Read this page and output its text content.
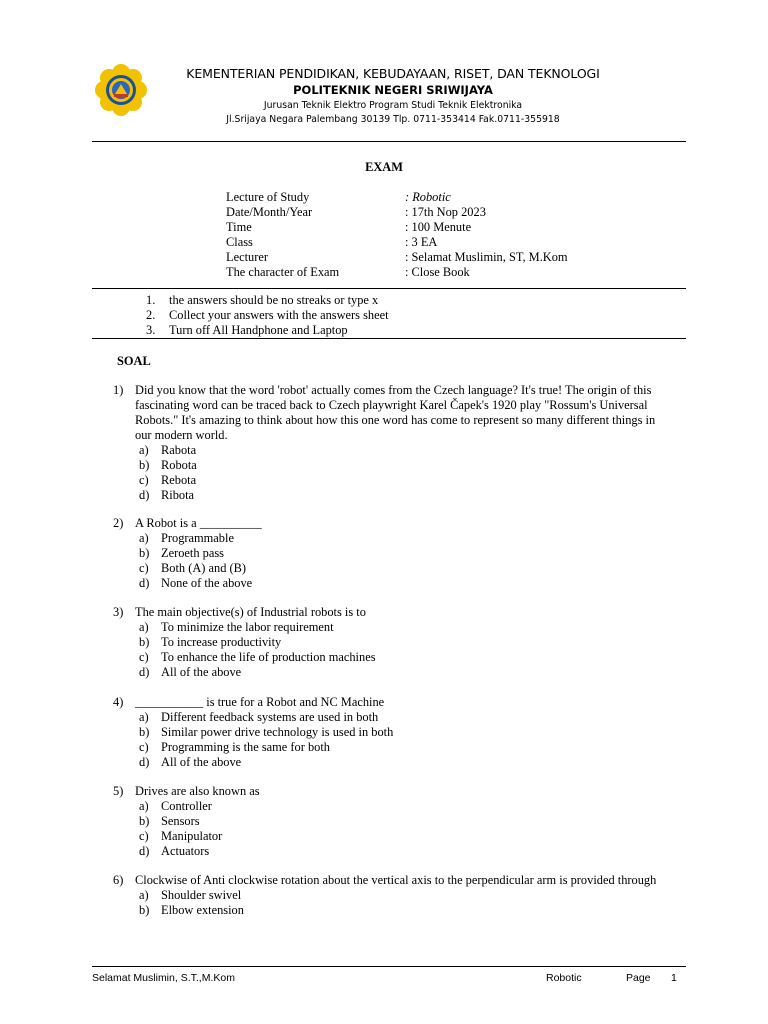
KEMENTERIAN PENDIDIKAN, KEBUDAYAAN, RISET, DAN TEKNOLOGI
POLITEKNIK NEGERI SRIWIJAYA
Jurusan Teknik Elektro Program Studi Teknik Elektronika
Jl.Srijaya Negara Palembang 30139 Tlp. 0711-353414 Fak.0711-355918
EXAM
Lecture of Study	: Robotic
Date/Month/Year	: 17th Nop 2023
Time	: 100 Menute
Class	: 3 EA
Lecturer	: Selamat Muslimin, ST, M.Kom
The character of Exam	: Close Book
1. the answers should be no streaks or type x
2. Collect your answers with the answers sheet
3. Turn off All Handphone and Laptop
SOAL
1) Did you know that the word 'robot' actually comes from the Czech language? It's true! The origin of this
fascinating word can be traced back to Czech playwright Karel Čapek's 1920 play "Rossum's Universal
Robots." It's amazing to think about how this one word has come to represent so many different things in
our modern world.
a) Rabota
b) Robota
c) Rebota
d) Ribota
2) A Robot is a __________
a) Programmable
b) Zeroeth pass
c) Both (A) and (B)
d) None of the above
3) The main objective(s) of Industrial robots is to
a) To minimize the labor requirement
b) To increase productivity
c) To enhance the life of production machines
d) All of the above
4) ___________ is true for a Robot and NC Machine
a) Different feedback systems are used in both
b) Similar power drive technology is used in both
c) Programming is the same for both
d) All of the above
5) Drives are also known as
a) Controller
b) Sensors
c) Manipulator
d) Actuators
6) Clockwise of Anti clockwise rotation about the vertical axis to the perpendicular arm is provided through
a) Shoulder swivel
b) Elbow extension
Selamat Muslimin, S.T.,M.Kom	Robotic	Page 1
